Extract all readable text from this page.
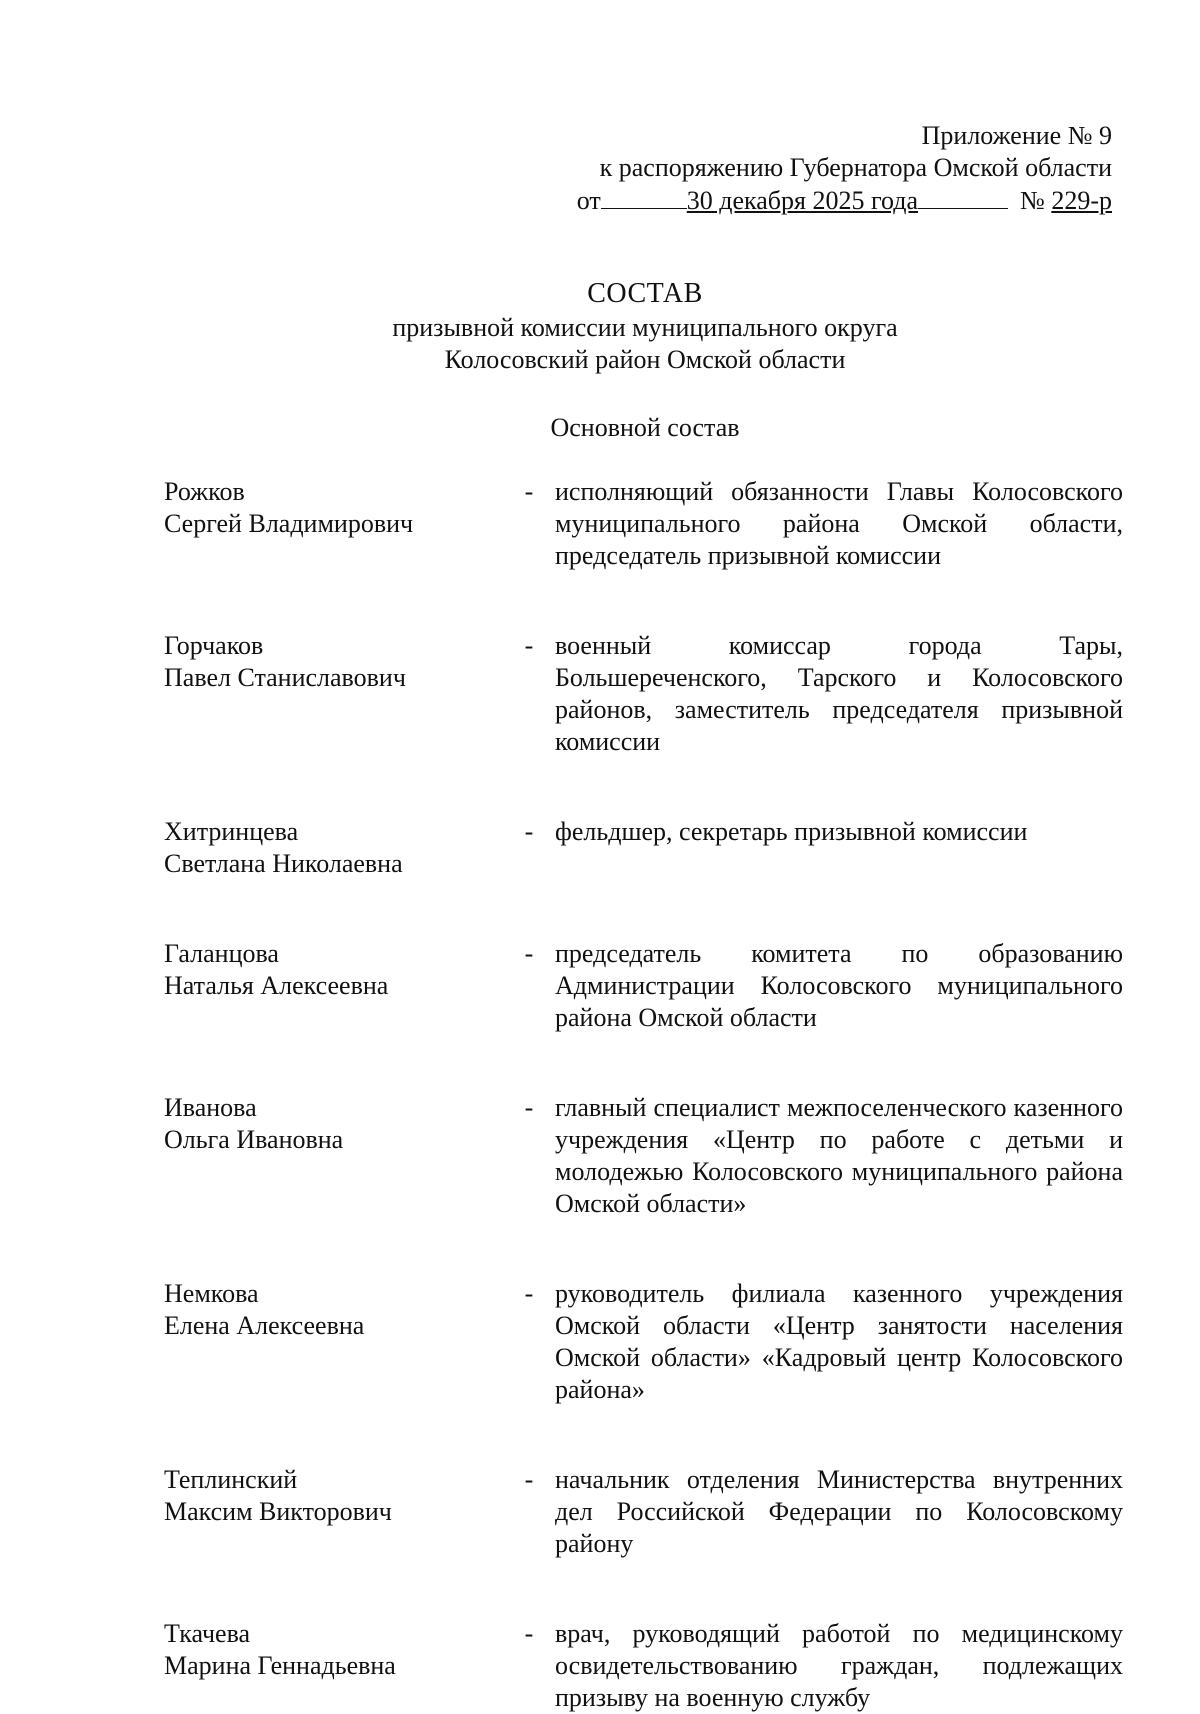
Приложение № 9
к распоряжению Губернатора Омской области
от	30 декабря 2025 года	№ 229-р
СОСТАВ
призывной комиссии муниципального округа
Колосовский район Омской области
Основной состав
Рожков
Сергей Владимирович
- исполняющий обязанности Главы Колосовского муниципального района Омской области, председатель призывной комиссии
Горчаков
Павел Станиславович
- военный комиссар города Тары, Большереченского, Тарского и Колосовского районов, заместитель председателя призывной комиссии
Хитринцева
Светлана Николаевна
- фельдшер, секретарь призывной комиссии
Галанцова
Наталья Алексеевна
- председатель комитета по образованию Администрации Колосовского муниципального района Омской области
Иванова
Ольга Ивановна
- главный специалист межпоселенческого казенного учреждения «Центр по работе с детьми и молодежью Колосовского муниципального района Омской области»
Немкова
Елена Алексеевна
- руководитель филиала казенного учреждения Омской области «Центр занятости населения Омской области» «Кадровый центр Колосовского района»
Теплинский
Максим Викторович
- начальник отделения Министерства внутренних дел Российской Федерации по Колосовскому району
Ткачева
Марина Геннадьевна
- врач, руководящий работой по медицинскому освидетельствованию граждан, подлежащих призыву на военную службу
